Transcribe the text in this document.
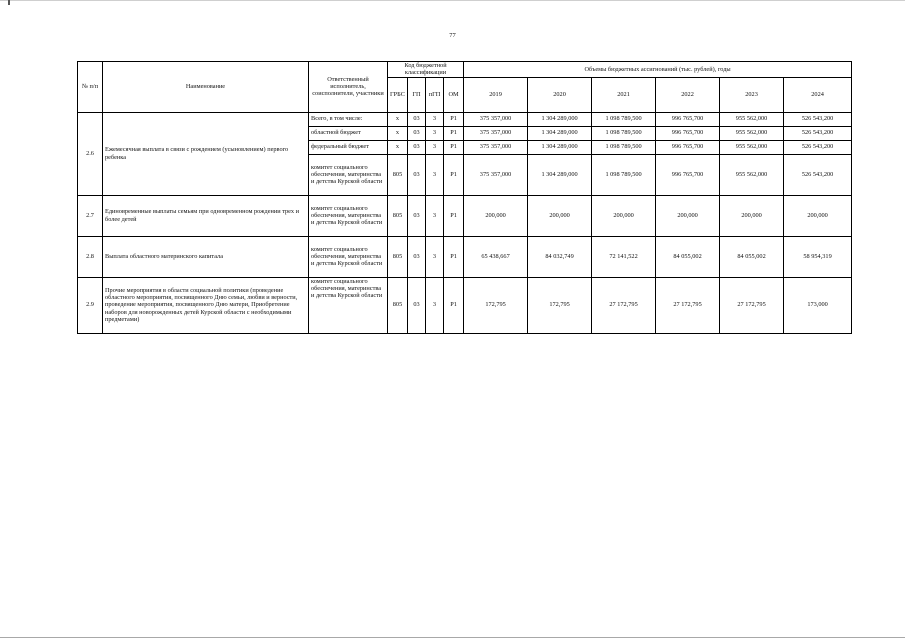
77
№ п/п	Наименование	Ответственный исполнитель, соисполнители, участники	Код бюджетной классификации				Объемы бюджетных ассигнований (тыс. рублей), годы					
			ГРБС	ГП	пГП	ОМ	2019	2020	2021	2022	2023	2024
2.6	Ежемесячная выплата в связи с рождением (усыновлением) первого ребенка	Всего, в том числе:	x	03	3	P1	375 357,000	1 304 289,000	1 098 789,500	996 765,700	955 562,000	526 543,200
		областной бюджет	x	03	3	P1	375 357,000	1 304 289,000	1 098 789,500	996 765,700	955 562,000	526 543,200
		федеральный бюджет	x	03	3	P1	375 357,000	1 304 289,000	1 098 789,500	996 765,700	955 562,000	526 543,200
		комитет социального обеспечения, материнства и детства Курской области	805	03	3	P1	375 357,000	1 304 289,000	1 098 789,500	996 765,700	955 562,000	526 543,200
2.7	Единовременные выплаты семьям при одновременном рождении трех и более детей	комитет социального обеспечения, материнства и детства Курской области	805	03	3	P1	200,000	200,000	200,000	200,000	200,000	200,000
2.8	Выплата областного материнского капитала	комитет социального обеспечения, материнства и детства Курской области	805	03	3	P1	65 438,667	84 032,749	72 141,522	84 055,002	84 055,002	58 954,319
2.9	Прочие мероприятия в области социальной политики (проведение областного мероприятия, посвященного Дню семьи, любви и верности, проведение мероприятия, посвященного Дню матери, Приобретение наборов для новорожденных детей Курской области с необходимыми предметами)	комитет социального обеспечения, материнства и детства Курской области	805	03	3	P1	172,795	172,795	27 172,795	27 172,795	27 172,795	173,000
